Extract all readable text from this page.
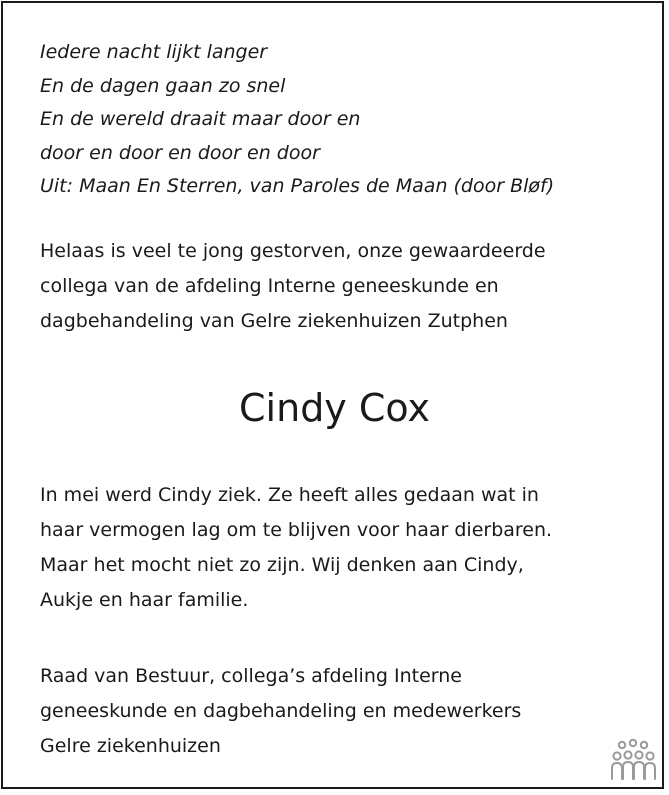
Iedere nacht lijkt langer
En de dagen gaan zo snel
En de wereld draait maar door en
door en door en door en door
Uit: Maan En Sterren, van Paroles de Maan (door Bløf)
Helaas is veel te jong gestorven, onze gewaardeerde
collega van de afdeling Interne geneeskunde en
dagbehandeling van Gelre ziekenhuizen Zutphen
Cindy Cox
In mei werd Cindy ziek. Ze heeft alles gedaan wat in
haar vermogen lag om te blijven voor haar dierbaren.
Maar het mocht niet zo zijn. Wij denken aan Cindy,
Aukje en haar familie.
Raad van Bestuur, collega’s afdeling Interne
geneeskunde en dagbehandeling en medewerkers
Gelre ziekenhuizen
